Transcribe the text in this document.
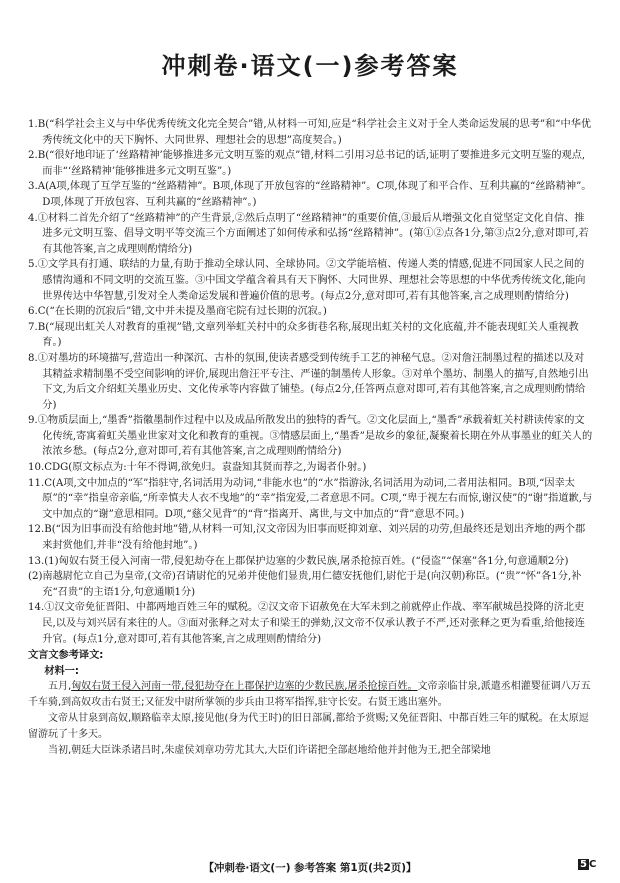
冲刺卷·语文(一)参考答案

1.B(“科学社会主义与中华优秀传统文化完全契合”错,从材料一可知,应是“科学社会主义对于全人类命运发展的思考”和“中华优秀传统文化中的天下胸怀、大同世界、理想社会的思想”高度契合。)

2.B(“很好地印证了‘丝路精神’能够推进多元文明互鉴的观点”错,材料二引用习总书记的话,证明了要推进多元文明互鉴的观点,而非“‘丝路精神’能够推进多元文明互鉴”。)

3.A(A项,体现了互学互鉴的“丝路精神”。B项,体现了开放包容的“丝路精神”。C项,体现了和平合作、互利共赢的“丝路精神”。D项,体现了开放包容、互利共赢的“丝路精神”。)

4.①材料二首先介绍了“丝路精神”的产生背景,②然后点明了“丝路精神”的重要价值,③最后从增强文化自觉坚定文化自信、推进多元文明互鉴、倡导文明平等交流三个方面阐述了如何传承和弘扬“丝路精神”。(第①②点各1分,第③点2分,意对即可,若有其他答案,言之成理则酌情给分)

5.①文学具有打通、联结的力量,有助于推动全球认同、全球协同。②文学能培植、传递人类的情感,促进不同国家人民之间的感情沟通和不同文明的交流互鉴。③中国文学蕴含着具有天下胸怀、大同世界、理想社会等思想的中华优秀传统文化,能向世界传达中华智慧,引发对全人类命运发展和普遍价值的思考。(每点2分,意对即可,若有其他答案,言之成理则酌情给分)

6.C(“在长期的沉寂后”错,文中并未提及墨商宅院有过长期的沉寂。)

7.B(“展现出虹关人对教育的重视”错,文章列举虹关村中的众多街巷名称,展现出虹关村的文化底蕴,并不能表现虹关人重视教育。)

8.①对墨坊的环境描写,营造出一种深沉、古朴的氛围,使读者感受到传统手工艺的神秘气息。②对詹汪制墨过程的描述以及对其精益求精制墨不受空间影响的评价,展现出詹汪平专注、严谨的制墨传人形象。③对单个墨坊、制墨人的描写,自然地引出下文,为后文介绍虹关墨业历史、文化传承等内容做了铺垫。(每点2分,任答两点意对即可,若有其他答案,言之成理则酌情给分)

9.①物质层面上,“墨香”指徽墨制作过程中以及成品所散发出的独特的香气。②文化层面上,“墨香”承载着虹关村耕读传家的文化传统,寄寓着虹关墨业世家对文化和教育的重视。③情感层面上,“墨香”是故乡的象征,凝聚着长期在外从事墨业的虹关人的浓浓乡愁。(每点2分,意对即可,若有其他答案,言之成理则酌情给分)

10.CDG(原文标点为:十年不得调,欲免归。袁盎知其贤而荐之,为谒者仆射。)

11.C(A项,文中加点的“军”指驻守,名词活用为动词,“非能水也”的“水”指游泳,名词活用为动词,二者用法相同。B项,“因幸太原”的“幸”指皇帝亲临,“所幸慎夫人衣不曳地”的“幸”指宠爱,二者意思不同。C项,“卑于视左右而惊,谢汉使”的“谢”指道歉,与文中加点的“谢”意思相同。D项,“慈父见背”的“背”指离开、离世,与文中加点的“背”意思不同。)

12.B(“因为旧事而没有给他封地”错,从材料一可知,汉文帝因为旧事而贬抑刘章、刘兴居的功劳,但最终还是划出齐地的两个郡来封赏他们,并非“没有给他封地”。)

13.(1)匈奴右贤王侵入河南一带,侵犯劫夺在上郡保护边塞的少数民族,屠杀抢掠百姓。(“侵盗”“保塞”各1分,句意通顺2分)

(2)南越尉佗立自己为皇帝,(文帝)召请尉佗的兄弟并使他们显贵,用仁德安抚他们,尉佗于是(向汉朝)称臣。(“贵”“怀”各1分,补充“召贵”的主语1分,句意通顺1分)

14.①汉文帝免征晋阳、中都两地百姓三年的赋税。②汉文帝下诏赦免在大军未到之前就停止作战、率军献城邑投降的济北吏民,以及与刘兴居有来往的人。③面对张释之对太子和梁王的弹劾,汉文帝不仅承认教子不严,还对张释之更为看重,给他接连升官。(每点1分,意对即可,若有其他答案,言之成理则酌情给分)

文言文参考译文:
材料一:

五月,匈奴右贤王侵入河南一带,侵犯劫夺在上郡保护边塞的少数民族,屠杀抢掠百姓。文帝亲临甘泉,派遣丞相灌婴征调八万五千车骑,到高奴攻击右贤王;又征发中尉所掌领的步兵由卫将军指挥,驻守长安。右贤王逃出塞外。

文帝从甘泉到高奴,顺路临幸太原,接见他(身为代王时)的旧日部属,都给予赏赐;又免征晋阳、中都百姓三年的赋税。在太原逗留游玩了十多天。

当初,朝廷大臣诛杀诸吕时,朱虚侯刘章功劳尤其大,大臣们许诺把全部赵地给他并封他为王,把全部梁地

【冲刺卷·语文(一) 参考答案 第1页(共2页)】	5 C
